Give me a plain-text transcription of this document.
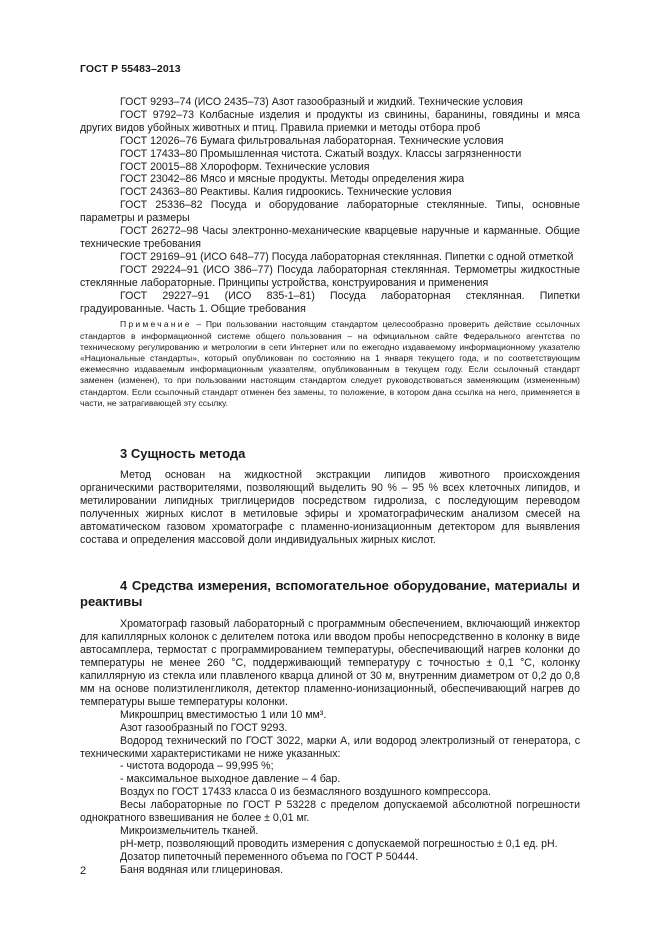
ГОСТ Р 55483–2013

ГОСТ 9293–74 (ИСО 2435–73) Азот газообразный и жидкий. Технические условия

ГОСТ 9792–73 Колбасные изделия и продукты из свинины, баранины, говядины и мяса других видов убойных животных и птиц. Правила приемки и методы отбора проб

ГОСТ 12026–76 Бумага фильтровальная лабораторная. Технические условия

ГОСТ 17433–80 Промышленная чистота. Сжатый воздух. Классы загрязненности

ГОСТ 20015–88 Хлороформ. Технические условия

ГОСТ 23042–86 Мясо и мясные продукты. Методы определения жира

ГОСТ 24363–80 Реактивы. Калия гидроокись. Технические условия

ГОСТ 25336–82 Посуда и оборудование лабораторные стеклянные. Типы, основные параметры и размеры

ГОСТ 26272–98 Часы электронно-механические кварцевые наручные и карманные. Общие технические требования

ГОСТ 29169–91 (ИСО 648–77) Посуда лабораторная стеклянная. Пипетки с одной отметкой

ГОСТ 29224–91 (ИСО 386–77) Посуда лабораторная стеклянная. Термометры жидкостные стеклянные лабораторные. Принципы устройства, конструирования и применения

ГОСТ 29227–91 (ИСО 835-1–81) Посуда лабораторная стеклянная. Пипетки градуированные. Часть 1. Общие требования

Примечание – При пользовании настоящим стандартом целесообразно проверить действие ссылочных стандартов в информационной системе общего пользования – на официальном сайте Федерального агентства по техническому регулированию и метрологии в сети Интернет или по ежегодно издаваемому информационному указателю «Национальные стандарты», который опубликован по состоянию на 1 января текущего года, и по соответствующим ежемесячно издаваемым информационным указателям, опубликованным в текущем году. Если ссылочный стандарт заменен (изменен), то при пользовании настоящим стандартом следует руководствоваться заменяющим (измененным) стандартом. Если ссылочный стандарт отменен без замены, то положение, в котором дана ссылка на него, применяется в части, не затрагивающей эту ссылку.

3 Сущность метода

Метод основан на жидкостной экстракции липидов животного происхождения органическими растворителями, позволяющий выделить 90 % – 95 % всех клеточных липидов, и метилировании липидных триглицеридов посредством гидролиза, с последующим переводом полученных жирных кислот в метиловые эфиры и хроматографическим анализом смесей на автоматическом газовом хроматографе с пламенно-ионизационным детектором для выявления состава и определения массовой доли индивидуальных жирных кислот.

4 Средства измерения, вспомогательное оборудование, материалы и реактивы

Хроматограф газовый лабораторный с программным обеспечением, включающий инжектор для капиллярных колонок с делителем потока или вводом пробы непосредственно в колонку в виде автосамплера, термостат с программированием температуры, обеспечивающий нагрев колонки до температуры не менее 260 °С, поддерживающий температуру с точностью ± 0,1 °С, колонку капиллярную из стекла или плавленого кварца длиной от 30 м, внутренним диаметром от 0,2 до 0,8 мм на основе полиэтиленгликоля, детектор пламенно-ионизационный, обеспечивающий нагрев до температуры выше температуры колонки.

Микрошприц вместимостью 1 или 10 мм³.

Азот газообразный по ГОСТ 9293.

Водород технический по ГОСТ 3022, марки А, или водород электролизный от генератора, с техническими характеристиками не ниже указанных:

- чистота водорода – 99,995 %;

- максимальное выходное давление – 4 бар.

Воздух по ГОСТ 17433 класса 0 из безмасляного воздушного компрессора.

Весы лабораторные по ГОСТ Р 53228 с пределом допускаемой абсолютной погрешности однократного взвешивания не более ± 0,01 мг.

Микроизмельчитель тканей.

рН-метр, позволяющий проводить измерения с допускаемой погрешностью ± 0,1 ед. рН.

Дозатор пипеточный переменного объема по ГОСТ Р 50444.

Баня водяная или глицериновая.

2
